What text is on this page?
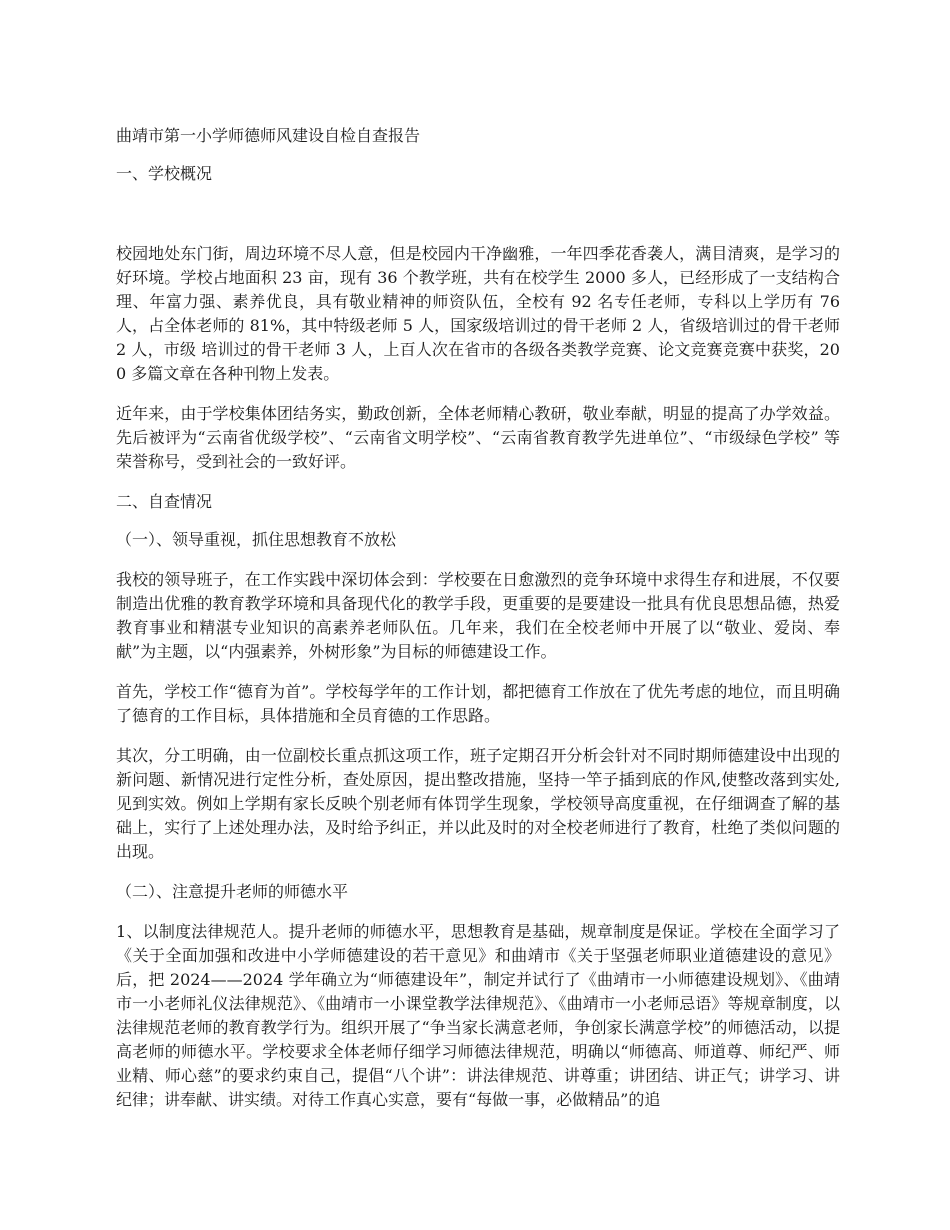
曲靖市第一小学师德师风建设自检自查报告

一、学校概况

校园地处东门街，周边环境不尽人意，但是校园内干净幽雅，一年四季花香袭人，满目清爽，是学习的好环境。学校占地面积 23 亩，现有 36 个教学班，共有在校学生 2000 多人，已经形成了一支结构合理、年富力强、素养优良，具有敬业精神的师资队伍，全校有 92 名专任老师，专科以上学历有 76 人，占全体老师的 81%，其中特级老师 5 人，国家级培训过的骨干老师 2 人，省级培训过的骨干老师 2 人，市级 培训过的骨干老师 3 人，上百人次在省市的各级各类教学竞赛、论文竞赛竞赛中获奖，200 多篇文章在各种刊物上发表。

近年来，由于学校集体团结务实，勤政创新，全体老师精心教研，敬业奉献，明显的提高了办学效益。先后被评为“云南省优级学校”、“云南省文明学校”、“云南省教育教学先进单位”、“市级绿色学校” 等荣誉称号，受到社会的一致好评。

二、自查情况

（一）、领导重视，抓住思想教育不放松

我校的领导班子，在工作实践中深切体会到：学校要在日愈激烈的竞争环境中求得生存和进展，不仅要制造出优雅的教育教学环境和具备现代化的教学手段，更重要的是要建设一批具有优良思想品德，热爱教育事业和精湛专业知识的高素养老师队伍。几年来，我们在全校老师中开展了以“敬业、爱岗、奉献”为主题，以“内强素养，外树形象”为目标的师德建设工作。

首先，学校工作“德育为首”。学校每学年的工作计划，都把德育工作放在了优先考虑的地位，而且明确了德育的工作目标，具体措施和全员育德的工作思路。

其次，分工明确，由一位副校长重点抓这项工作，班子定期召开分析会针对不同时期师德建设中出现的新问题、新情况进行定性分析，查处原因，提出整改措施，坚持一竿子插到底的作风,使整改落到实处,见到实效。例如上学期有家长反映个别老师有体罚学生现象，学校领导高度重视，在仔细调查了解的基础上，实行了上述处理办法，及时给予纠正，并以此及时的对全校老师进行了教育，杜绝了类似问题的出现。

（二）、注意提升老师的师德水平

1、以制度法律规范人。提升老师的师德水平，思想教育是基础，规章制度是保证。学校在全面学习了《关于全面加强和改进中小学师德建设的若干意见》和曲靖市《关于坚强老师职业道德建设的意见》后，把 2024——2024 学年确立为“师德建设年”，制定并试行了《曲靖市一小师德建设规划》、《曲靖市一小老师礼仪法律规范》、《曲靖市一小课堂教学法律规范》、《曲靖市一小老师忌语》等规章制度，以法律规范老师的教育教学行为。组织开展了“争当家长满意老师，争创家长满意学校”的师德活动，以提高老师的师德水平。学校要求全体老师仔细学习师德法律规范，明确以“师德高、师道尊、师纪严、师业精、师心慈”的要求约束自己，提倡“八个讲”：讲法律规范、讲尊重；讲团结、讲正气；讲学习、讲纪律；讲奉献、讲实绩。对待工作真心实意，要有“每做一事，必做精品”的追
